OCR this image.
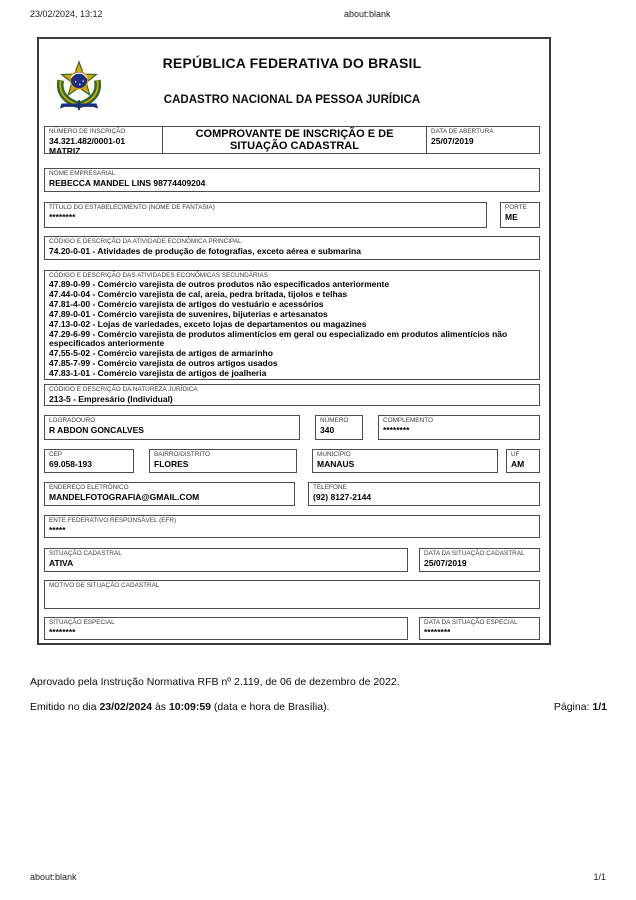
23/02/2024, 13:12	about:blank
REPÚBLICA FEDERATIVA DO BRASIL
CADASTRO NACIONAL DA PESSOA JURÍDICA
NÚMERO DE INSCRIÇÃO
34.321.482/0001-01
MATRIZ
COMPROVANTE DE INSCRIÇÃO E DE SITUAÇÃO CADASTRAL
DATA DE ABERTURA
25/07/2019
NOME EMPRESARIAL
REBECCA MANDEL LINS 98774409204
TÍTULO DO ESTABELECIMENTO (NOME DE FANTASIA)
********
PORTE
ME
CÓDIGO E DESCRIÇÃO DA ATIVIDADE ECONÔMICA PRINCIPAL
74.20-0-01 - Atividades de produção de fotografias, exceto aérea e submarina
CÓDIGO E DESCRIÇÃO DAS ATIVIDADES ECONÔMICAS SECUNDÁRIAS
47.89-0-99 - Comércio varejista de outros produtos não especificados anteriormente
47.44-0-04 - Comércio varejista de cal, areia, pedra britada, tijolos e telhas
47.81-4-00 - Comércio varejista de artigos do vestuário e acessórios
47.89-0-01 - Comércio varejista de suvenires, bijuterias e artesanatos
47.13-0-02 - Lojas de variedades, exceto lojas de departamentos ou magazines
47.29-6-99 - Comércio varejista de produtos alimentícios em geral ou especializado em produtos alimentícios não especificados anteriormente
47.55-5-02 - Comércio varejista de artigos de armarinho
47.85-7-99 - Comércio varejista de outros artigos usados
47.83-1-01 - Comércio varejista de artigos de joalheria
CÓDIGO E DESCRIÇÃO DA NATUREZA JURÍDICA
213-5 - Empresário (Individual)
LOGRADOURO
R ABDON GONCALVES
NÚMERO
340
COMPLEMENTO
********
CEP
69.058-193
BAIRRO/DISTRITO
FLORES
MUNICÍPIO
MANAUS
UF
AM
ENDEREÇO ELETRÔNICO
MANDELFOTOGRAFIA@GMAIL.COM
TELEFONE
(92) 8127-2144
ENTE FEDERATIVO RESPONSÁVEL (EFR)
*****
SITUAÇÃO CADASTRAL
ATIVA
DATA DA SITUAÇÃO CADASTRAL
25/07/2019
MOTIVO DE SITUAÇÃO CADASTRAL
SITUAÇÃO ESPECIAL
********
DATA DA SITUAÇÃO ESPECIAL
********
Aprovado pela Instrução Normativa RFB nº 2.119, de 06 de dezembro de 2022.
Emitido no dia 23/02/2024 às 10:09:59 (data e hora de Brasília).	Página: 1/1
about:blank	1/1
